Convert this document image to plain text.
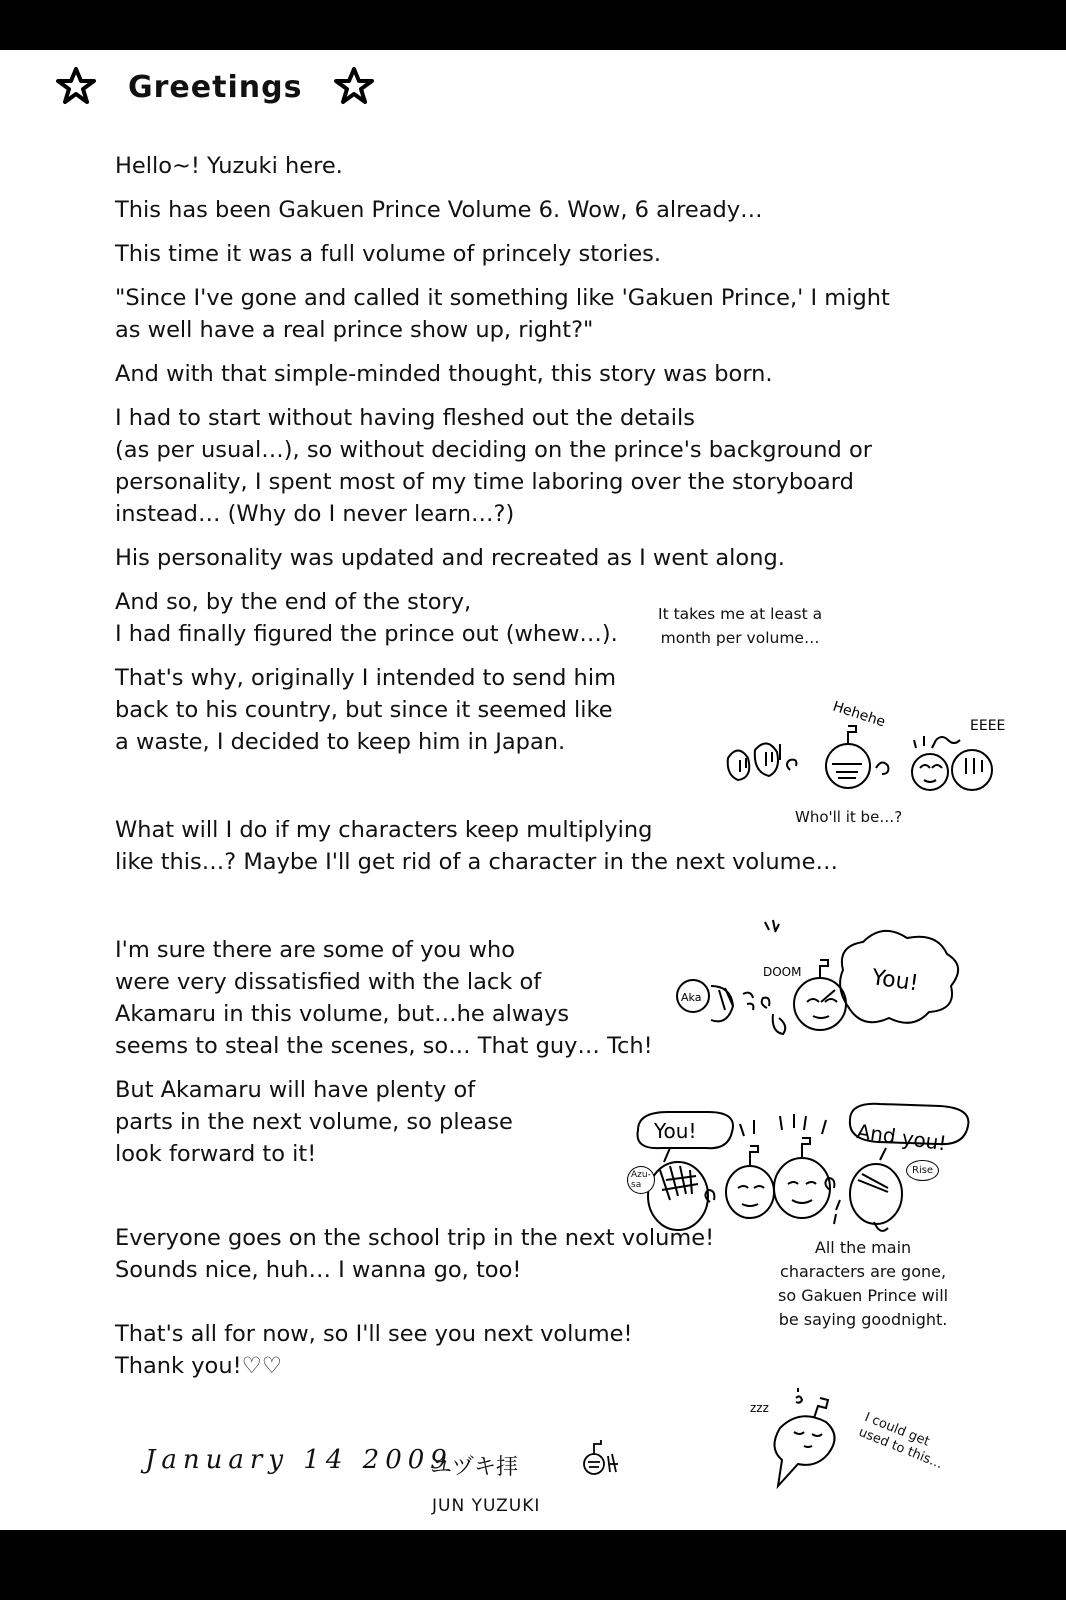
Greetings
Hello~! Yuzuki here.
This has been Gakuen Prince Volume 6. Wow, 6 already…
This time it was a full volume of princely stories.
"Since I've gone and called it something like 'Gakuen Prince,' I might
as well have a real prince show up, right?"
And with that simple-minded thought, this story was born.
I had to start without having fleshed out the details
(as per usual…), so without deciding on the prince's background or
personality, I spent most of my time laboring over the storyboard
instead… (Why do I never learn…?)
His personality was updated and recreated as I went along.
And so, by the end of the story,
I had finally figured the prince out (whew…).
That's why, originally I intended to send him
back to his country, but since it seemed like
a waste, I decided to keep him in Japan.
What will I do if my characters keep multiplying
like this…? Maybe I'll get rid of a character in the next volume…
I'm sure there are some of you who
were very dissatisfied with the lack of
Akamaru in this volume, but…he always
seems to steal the scenes, so… That guy… Tch!
But Akamaru will have plenty of
parts in the next volume, so please
look forward to it!
Everyone goes on the school trip in the next volume!
Sounds nice, huh… I wanna go, too!
That's all for now, so I'll see you next volume!
Thank you!♡♡
It takes me at least a
month per volume…
All the main
characters are gone,
so Gakuen Prince will
be saying goodnight.
Hehehe	EEEE
Who'll it be…?
Aka
DOOM	You!
You!	And you!
Azu-
sa
Rise
zzz
I could get
used to this…
January 14 2009
ユヅキ拝
JUN YUZUKI
